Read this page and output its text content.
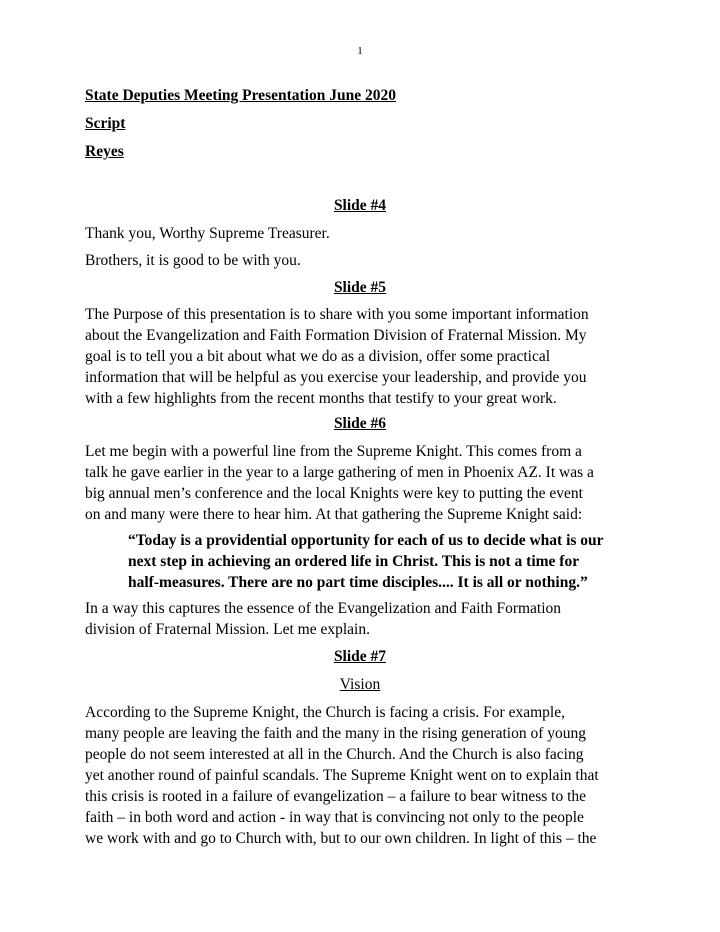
1
State Deputies Meeting Presentation June 2020
Script
Reyes
Slide #4
Thank you, Worthy Supreme Treasurer.
Brothers, it is good to be with you.
Slide #5
The Purpose of this presentation is to share with you some important information
about the Evangelization and Faith Formation Division of Fraternal Mission. My
goal is to tell you a bit about what we do as a division, offer some practical
information that will be helpful as you exercise your leadership, and provide you
with a few highlights from the recent months that testify to your great work.
Slide #6
Let me begin with a powerful line from the Supreme Knight. This comes from a
talk he gave earlier in the year to a large gathering of men in Phoenix AZ. It was a
big annual men’s conference and the local Knights were key to putting the event
on and many were there to hear him. At that gathering the Supreme Knight said:
“Today is a providential opportunity for each of us to decide what is our
next step in achieving an ordered life in Christ. This is not a time for
half-measures. There are no part time disciples.... It is all or nothing.”
In a way this captures the essence of the Evangelization and Faith Formation
division of Fraternal Mission. Let me explain.
Slide #7
Vision
According to the Supreme Knight, the Church is facing a crisis. For example,
many people are leaving the faith and the many in the rising generation of young
people do not seem interested at all in the Church. And the Church is also facing
yet another round of painful scandals. The Supreme Knight went on to explain that
this crisis is rooted in a failure of evangelization – a failure to bear witness to the
faith – in both word and action - in way that is convincing not only to the people
we work with and go to Church with, but to our own children. In light of this – the
